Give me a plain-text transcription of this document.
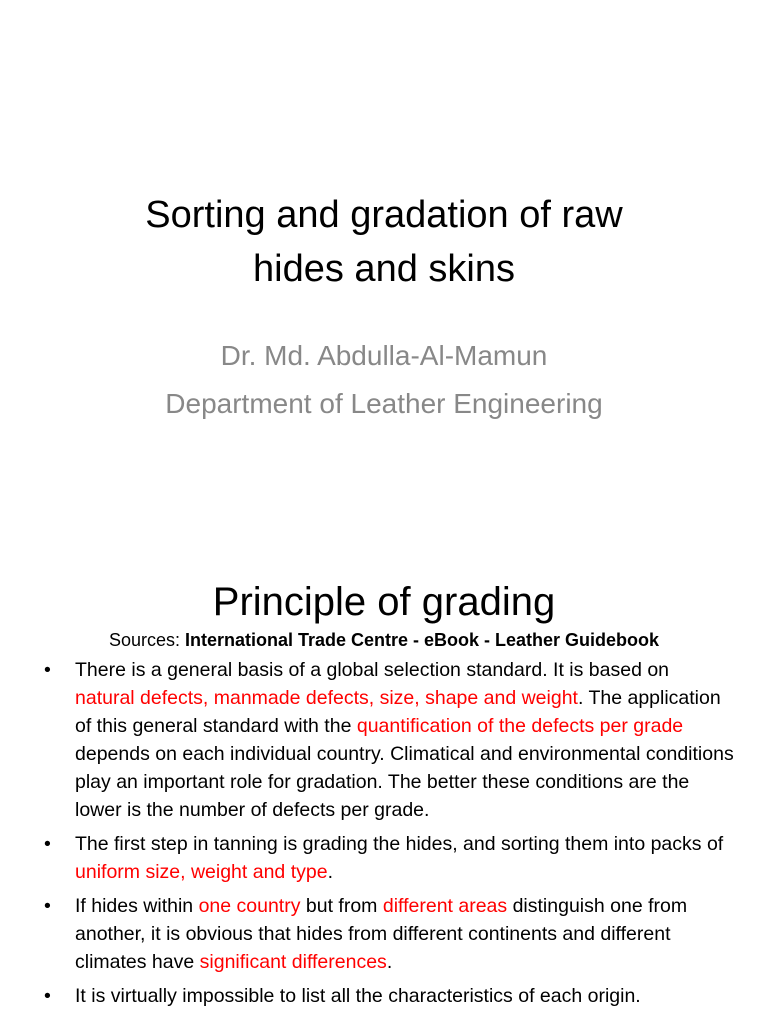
Sorting and gradation of raw
hides and skins
Dr. Md. Abdulla-Al-Mamun
Department of Leather Engineering
Principle of grading
Sources: International Trade Centre - eBook - Leather Guidebook
• There is a general basis of a global selection standard. It is based on natural defects, manmade defects, size, shape and weight. The application of this general standard with the quantification of the defects per grade depends on each individual country. Climatical and environmental conditions play an important role for gradation. The better these conditions are the lower is the number of defects per grade.
• The first step in tanning is grading the hides, and sorting them into packs of uniform size, weight and type.
• If hides within one country but from different areas distinguish one from another, it is obvious that hides from different continents and different climates have significant differences.
• It is virtually impossible to list all the characteristics of each origin.
